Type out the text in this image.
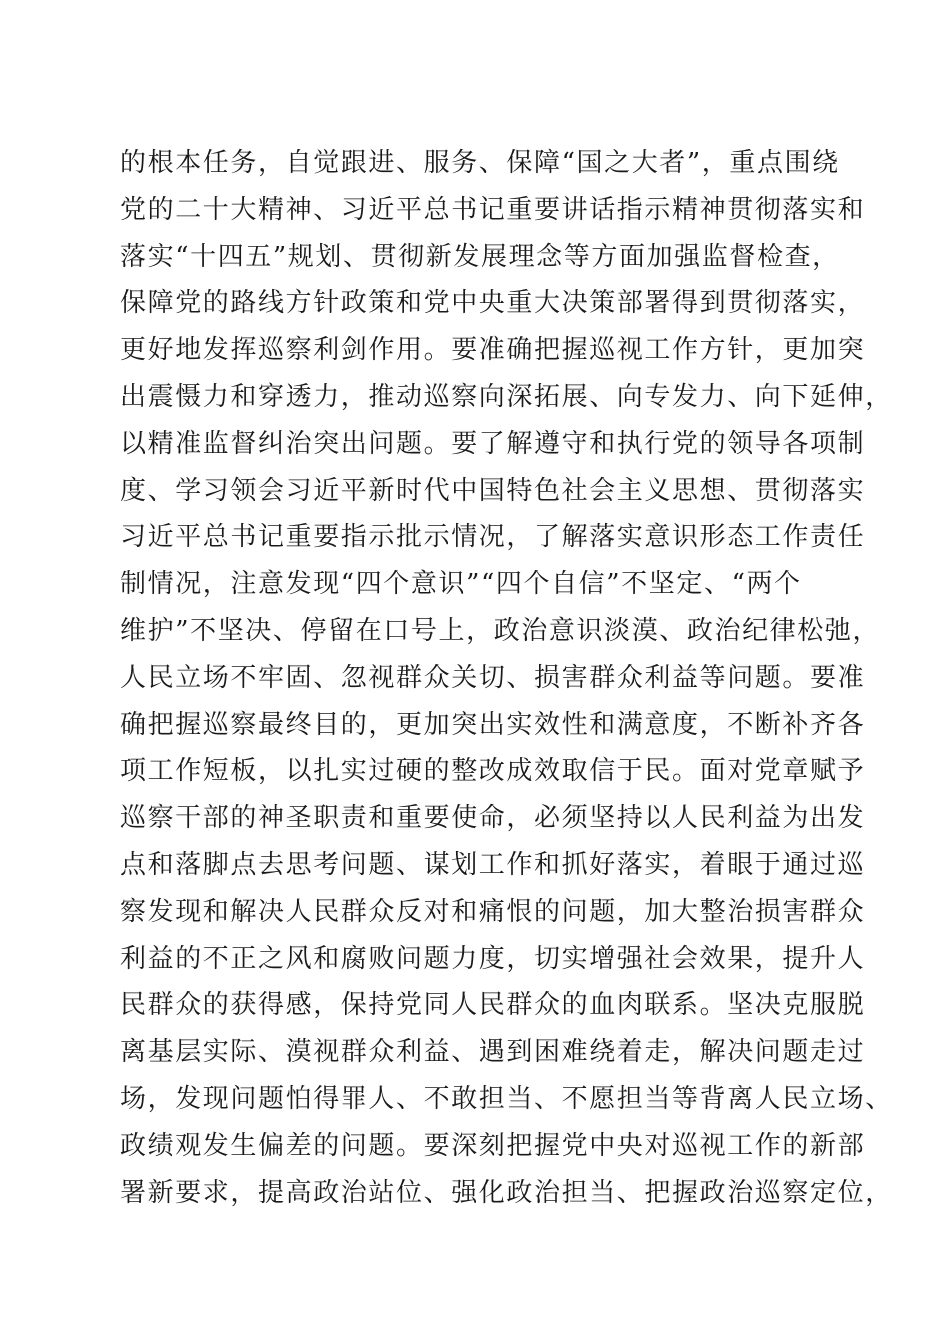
的根本任务，自觉跟进、服务、保障“国之大者”，重点围绕
党的二十大精神、习近平总书记重要讲话指示精神贯彻落实和
落实“十四五”规划、贯彻新发展理念等方面加强监督检查，
保障党的路线方针政策和党中央重大决策部署得到贯彻落实，
更好地发挥巡察利剑作用。要准确把握巡视工作方针，更加突
出震慑力和穿透力，推动巡察向深拓展、向专发力、向下延伸，
以精准监督纠治突出问题。要了解遵守和执行党的领导各项制
度、学习领会习近平新时代中国特色社会主义思想、贯彻落实
习近平总书记重要指示批示情况，了解落实意识形态工作责任
制情况，注意发现“四个意识”“四个自信”不坚定、“两个
维护”不坚决、停留在口号上，政治意识淡漠、政治纪律松弛，
人民立场不牢固、忽视群众关切、损害群众利益等问题。要准
确把握巡察最终目的，更加突出实效性和满意度，不断补齐各
项工作短板，以扎实过硬的整改成效取信于民。面对党章赋予
巡察干部的神圣职责和重要使命，必须坚持以人民利益为出发
点和落脚点去思考问题、谋划工作和抓好落实，着眼于通过巡
察发现和解决人民群众反对和痛恨的问题，加大整治损害群众
利益的不正之风和腐败问题力度，切实增强社会效果，提升人
民群众的获得感，保持党同人民群众的血肉联系。坚决克服脱
离基层实际、漠视群众利益、遇到困难绕着走，解决问题走过
场，发现问题怕得罪人、不敢担当、不愿担当等背离人民立场、
政绩观发生偏差的问题。要深刻把握党中央对巡视工作的新部
署新要求，提高政治站位、强化政治担当、把握政治巡察定位，
